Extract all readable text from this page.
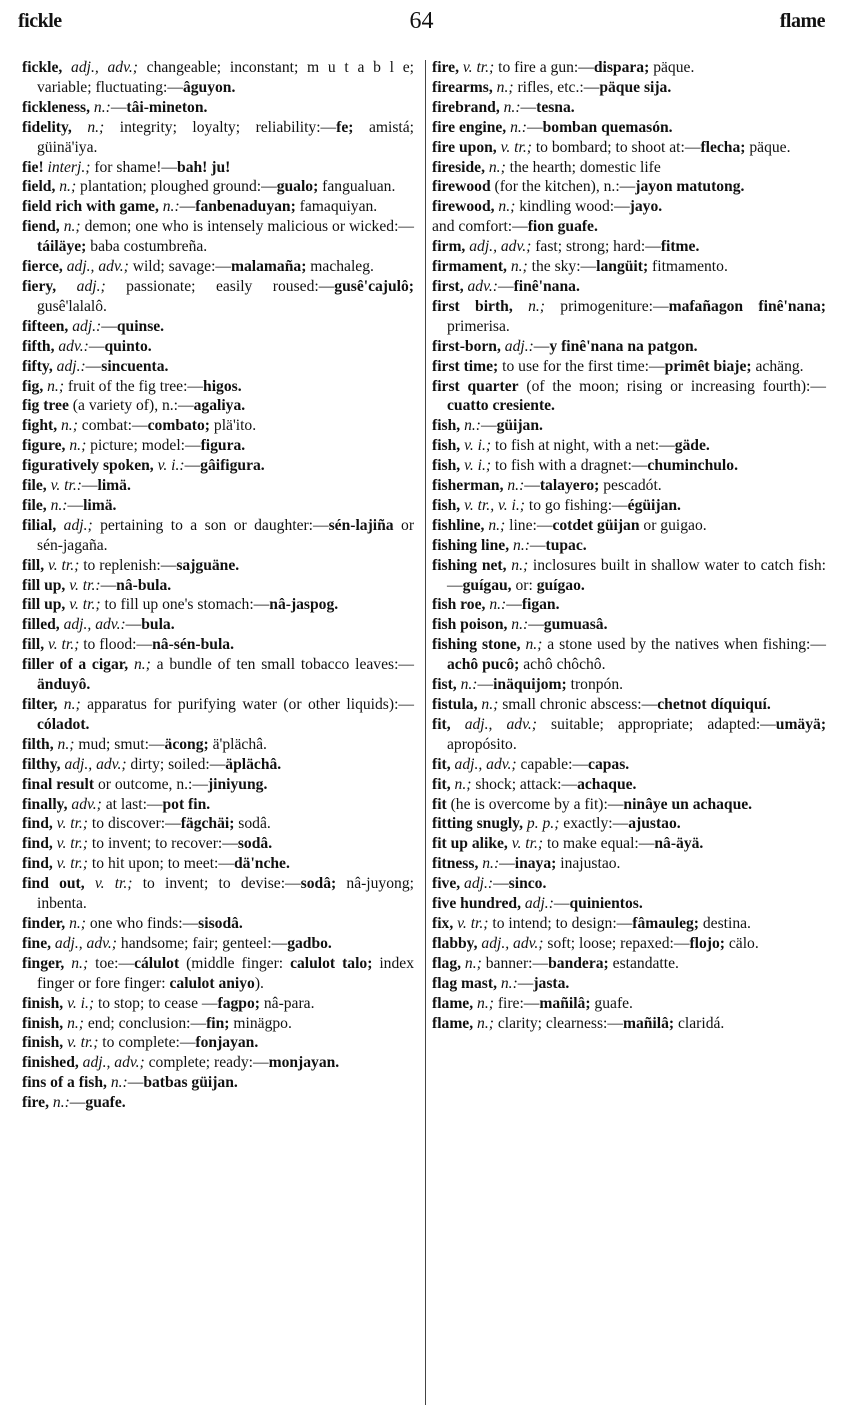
fickle	64	flame

fickle, adj., adv.; changeable; inconstant; m u t a b l e; variable; fluctuating:—âguyon.

fickleness, n.:—tâi-mineton.

fidelity, n.; integrity; loyalty; reliability:—fe; amistá; güinä'iya.

fie! interj.; for shame!—bah! ju!

field, n.; plantation; ploughed ground:—gualo; fangualuan.

field rich with game, n.:—fanbenaduyan; famaquiyan.

fiend, n.; demon; one who is intensely malicious or wicked:—táiläye; baba costumbreña.

fierce, adj., adv.; wild; savage:—malamaña; machaleg.

fiery, adj.; passionate; easily roused:—gusê'cajulô; gusê'lalalô.

fifteen, adj.:—quinse.

fifth, adv.:—quinto.

fifty, adj.:—sincuenta.

fig, n.; fruit of the fig tree:—higos.

fig tree (a variety of), n.:—agaliya.

fight, n.; combat:—combato; plä'ito.

figure, n.; picture; model:—figura.

figuratively spoken, v. i.:—gâifigura.

file, v. tr.:—limä.

file, n.:—limä.

filial, adj.; pertaining to a son or daughter:—sén-lajiña or sén-jagaña.

fill, v. tr.; to replenish:—sajguäne.

fill up, v. tr.:—nâ-bula.

fill up, v. tr.; to fill up one's stomach:—nâ-jaspog.

filled, adj., adv.:—bula.

fill, v. tr.; to flood:—nâ-sén-bula.

filler of a cigar, n.; a bundle of ten small tobacco leaves:—änduyô.

filter, n.; apparatus for purifying water (or other liquids):—cóladot.

filth, n.; mud; smut:—äcong; ä'plächâ.

filthy, adj., adv.; dirty; soiled:—äplächâ.

final result or outcome, n.:—jiniyung.

finally, adv.; at last:—pot fin.

find, v. tr.; to discover:—fägchäi; sodâ.

find, v. tr.; to invent; to recover:—sodâ.

find, v. tr.; to hit upon; to meet:—dä'nche.

find out, v. tr.; to invent; to devise:—sodâ; nâ-juyong; inbenta.

finder, n.; one who finds:—sisodâ.

fine, adj., adv.; handsome; fair; genteel:—gadbo.

finger, n.; toe:—cálulot (middle finger: calulot talo; index finger or fore finger: calulot aniyo).

finish, v. i.; to stop; to cease —fagpo; nâ-para.

finish, n.; end; conclusion:—fin; minägpo.

finish, v. tr.; to complete:—fonjayan.

finished, adj., adv.; complete; ready:—monjayan.

fins of a fish, n.:—batbas güijan.

fire, n.:—guafe.

fire, v. tr.; to fire a gun:—dispara; päque.

firearms, n.; rifles, etc.:—päque sija.

firebrand, n.:—tesna.

fire engine, n.:—bomban quemasón.

fire upon, v. tr.; to bombard; to shoot at:—flecha; päque.

fireside, n.; the hearth; domestic life

firewood (for the kitchen), n.:—jayon matutong.

firewood, n.; kindling wood:—jayo.

and comfort:—fion guafe.

firm, adj., adv.; fast; strong; hard:—fitme.

firmament, n.; the sky:—langüit; fitmamento.

first, adv.:—finê'nana.

first birth, n.; primogeniture:—mafañagon finê'nana; primerisa.

first-born, adj.:—y finê'nana na patgon.

first time; to use for the first time:—primêt biaje; achäng.

first quarter (of the moon; rising or increasing fourth):—cuatto cresiente.

fish, n.:—güijan.

fish, v. i.; to fish at night, with a net:—gäde.

fish, v. i.; to fish with a dragnet:—chuminchulo.

fisherman, n.:—talayero; pescadót.

fish, v. tr., v. i.; to go fishing:—égüijan.

fishline, n.; line:—cotdet güijan or guigao.

fishing line, n.:—tupac.

fishing net, n.; inclosures built in shallow water to catch fish:—guígau, or: guígao.

fish roe, n.:—figan.

fish poison, n.:—gumuasâ.

fishing stone, n.; a stone used by the natives when fishing:—achô pucô; achô chôchô.

fist, n.:—inäquijom; tronpón.

fistula, n.; small chronic abscess:—chetnot díquiquí.

fit, adj., adv.; suitable; appropriate; adapted:—umäyä; apropósito.

fit, adj., adv.; capable:—capas.

fit, n.; shock; attack:—achaque.

fit (he is overcome by a fit):—ninâye un achaque.

fitting snugly, p. p.; exactly:—ajustao.

fit up alike, v. tr.; to make equal:—nâ-äyä.

fitness, n.:—inaya; inajustao.

five, adj.:—sinco.

five hundred, adj.:—quinientos.

fix, v. tr.; to intend; to design:—fâmauleg; destina.

flabby, adj., adv.; soft; loose; repaxed:—flojo; cälo.

flag, n.; banner:—bandera; estandatte.

flag mast, n.:—jasta.

flame, n.; fire:—mañilâ; guafe.

flame, n.; clarity; clearness:—mañilâ; claridá.
